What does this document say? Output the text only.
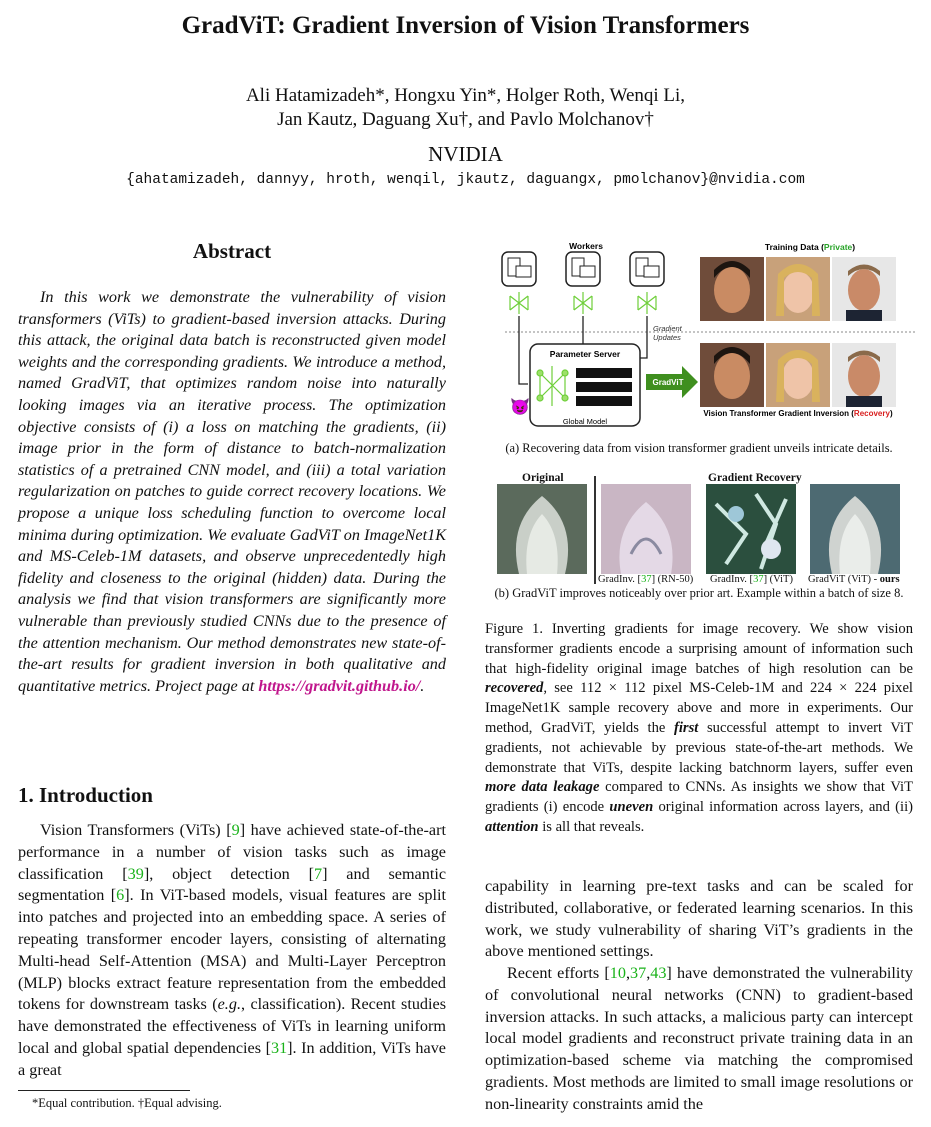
GradViT: Gradient Inversion of Vision Transformers
Ali Hatamizadeh*, Hongxu Yin*, Holger Roth, Wenqi Li,
Jan Kautz, Daguang Xu†, and Pavlo Molchanov†
NVIDIA
{ahatamizadeh, dannyy, hroth, wenqil, jkautz, daguangx, pmolchanov}@nvidia.com
Abstract

In this work we demonstrate the vulnerability of vision transformers (ViTs) to gradient-based inversion attacks. During this attack, the original data batch is reconstructed given model weights and the corresponding gradients. We introduce a method, named GradViT, that optimizes random noise into naturally looking images via an iterative process. The optimization objective consists of (i) a loss on matching the gradients, (ii) image prior in the form of distance to batch-normalization statistics of a pretrained CNN model, and (iii) a total variation regularization on patches to guide correct recovery locations. We propose a unique loss scheduling function to overcome local minima during optimization. We evaluate GadViT on ImageNet1K and MS-Celeb-1M datasets, and observe unprecedentedly high fidelity and closeness to the original (hidden) data. During the analysis we find that vision transformers are significantly more vulnerable than previously studied CNNs due to the presence of the attention mechanism. Our method demonstrates new state-of-the-art results for gradient inversion in both qualitative and quantitative metrics. Project page at https://gradvit.github.io/.

1. Introduction

Vision Transformers (ViTs) [9] have achieved state-of-the-art performance in a number of vision tasks such as image classification [39], object detection [7] and semantic segmentation [6]. In ViT-based models, visual features are split into patches and projected into an embedding space. A series of repeating transformer encoder layers, consisting of alternating Multi-head Self-Attention (MSA) and Multi-Layer Perceptron (MLP) blocks extract feature representation from the embedded tokens for downstream tasks (e.g., classification). Recent studies have demonstrated the effectiveness of ViTs in learning uniform local and global spatial dependencies [31]. In addition, ViTs have a great

*Equal contribution. †Equal advising.
Workers
Gradient
Updates
Parameter Server
Global Model
😈
GradViT
Training Data (Private)
Vision Transformer Gradient Inversion (Recovery)
(a) Recovering data from vision transformer gradient unveils intricate details.
Original	Gradient Recovery
GradInv. [37] (RN-50) GradInv. [37] (ViT) GradViT (ViT) - ours
(b) GradViT improves noticeably over prior art. Example within a batch of size 8.

Figure 1. Inverting gradients for image recovery. We show vision transformer gradients encode a surprising amount of information such that high-fidelity original image batches of high resolution can be recovered, see 112 × 112 pixel MS-Celeb-1M and 224 × 224 pixel ImageNet1K sample recovery above and more in experiments. Our method, GradViT, yields the first successful attempt to invert ViT gradients, not achievable by previous state-of-the-art methods. We demonstrate that ViTs, despite lacking batchnorm layers, suffer even more data leakage compared to CNNs. As insights we show that ViT gradients (i) encode uneven original information across layers, and (ii) attention is all that reveals.

capability in learning pre-text tasks and can be scaled for distributed, collaborative, or federated learning scenarios. In this work, we study vulnerability of sharing ViT’s gradients in the above mentioned settings.

Recent efforts [10,37,43] have demonstrated the vulnerability of convolutional neural networks (CNN) to gradient-based inversion attacks. In such attacks, a malicious party can intercept local model gradients and reconstruct private training data in an optimization-based scheme via matching the compromised gradients. Most methods are limited to small image resolutions or non-linearity constraints amid the
